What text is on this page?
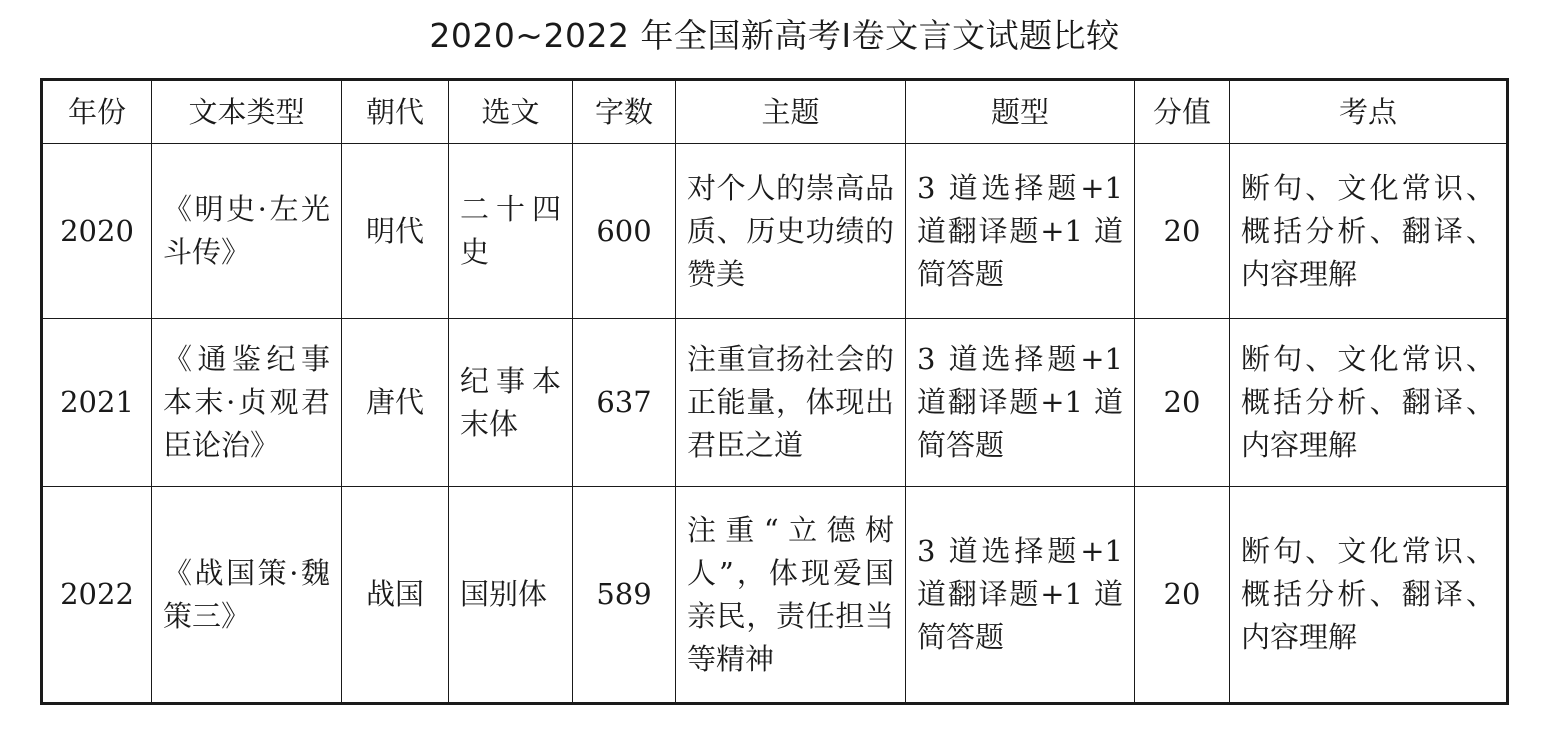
2020~2022 年全国新高考Ⅰ卷文言文试题比较
年份	文本类型	朝代	选文	字数	主题	题型	分值	考点
2020	《明史·左光斗传》	明代	二十四史	600	对个人的崇高品质、历史功绩的赞美	3 道选择题+1 道翻译题+1 道简答题	20	断句、文化常识、概括分析、翻译、内容理解
2021	《通鉴纪事本末·贞观君臣论治》	唐代	纪事本末体	637	注重宣扬社会的正能量，体现出君臣之道	3 道选择题+1 道翻译题+1 道简答题	20	断句、文化常识、概括分析、翻译、内容理解
2022	《战国策·魏策三》	战国	国别体	589	注重“立德树人”，体现爱国亲民，责任担当等精神	3 道选择题+1 道翻译题+1 道简答题	20	断句、文化常识、概括分析、翻译、内容理解
